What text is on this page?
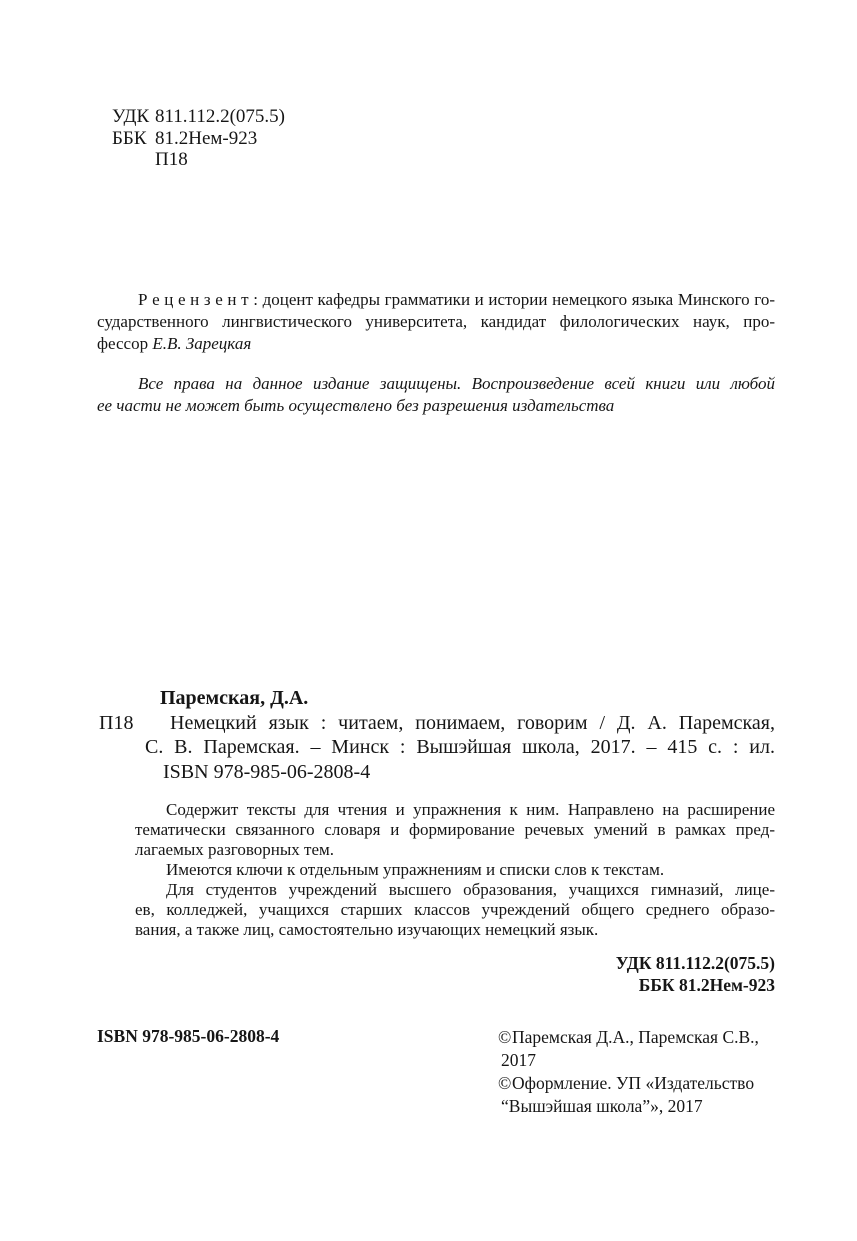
УДК 811.112.2(075.5)
ББК 81.2Нем-923
П18
Р е ц е н з е н т : доцент кафедры грамматики и истории немецкого языка Минского го-
сударственного лингвистического университета, кандидат филологических наук, про-
фессор Е.В. Зарецкая
Все права на данное издание защищены. Воспроизведение всей книги или любой
ее части не может быть осуществлено без разрешения издательства
П18
Паремская, Д.А.
Немецкий язык : читаем, понимаем, говорим / Д. А. Паремская,
С. В. Паремская. – Минск : Вышэйшая школа, 2017. – 415 с. : ил.
ISBN 978-985-06-2808-4
Содержит тексты для чтения и упражнения к ним. Направлено на расширение
тематически связанного словаря и формирование речевых умений в рамках пред-
лагаемых разговорных тем.
Имеются ключи к отдельным упражнениям и списки слов к текстам.
Для студентов учреждений высшего образования, учащихся гимназий, лице-
ев, колледжей, учащихся старших классов учреждений общего среднего образо-
вания, а также лиц, самостоятельно изучающих немецкий язык.
УДК 811.112.2(075.5)
ББК 81.2Нем-923
ISBN 978-985-06-2808-4	© Паремская Д.А., Паремская С.В.,
2017
© Оформление. УП «Издательство
“Вышэйшая школа”», 2017
